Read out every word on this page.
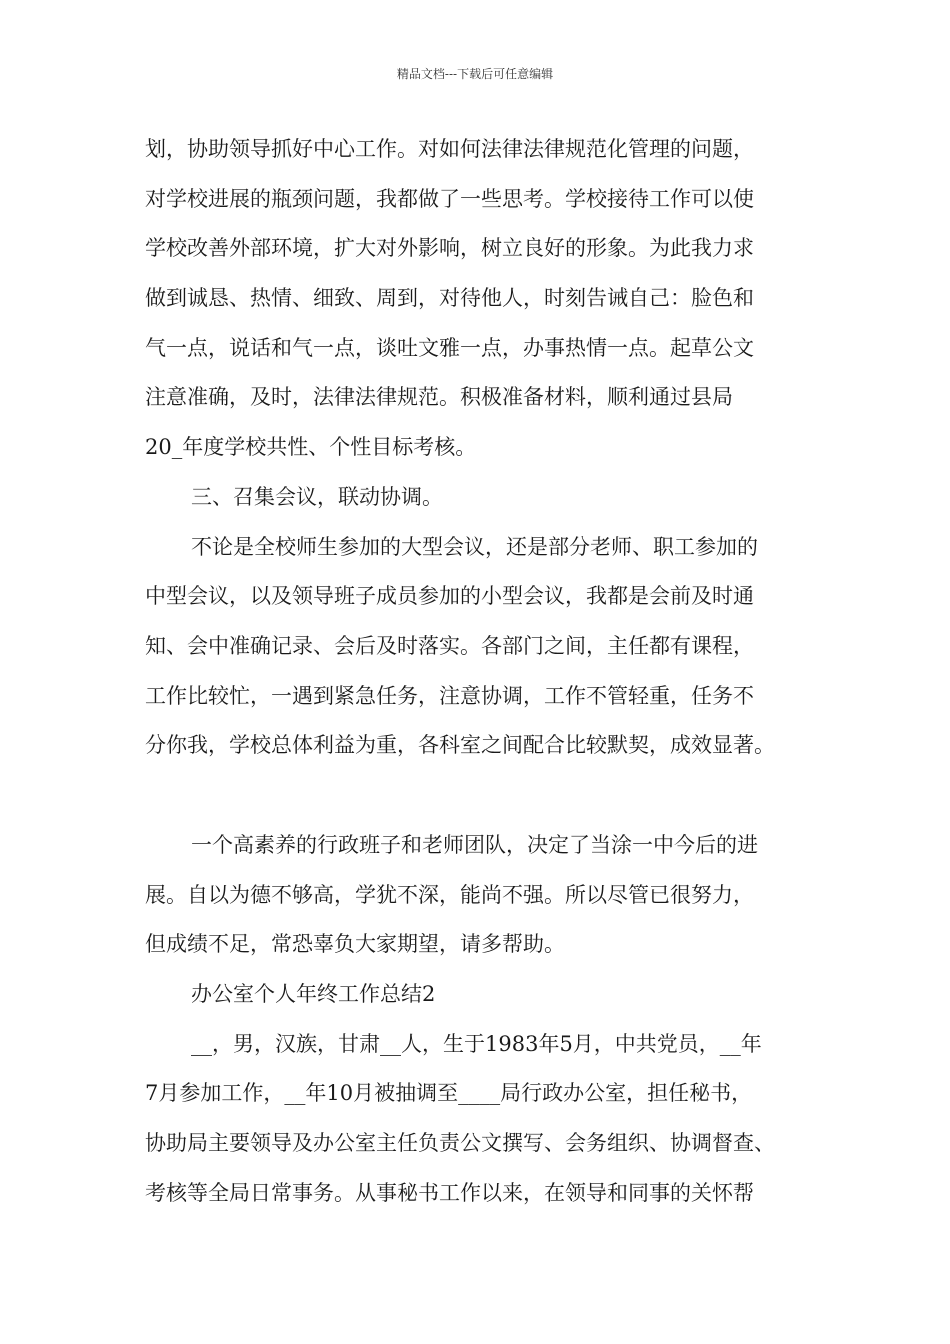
精品文档---下载后可任意编辑
划，协助领导抓好中心工作。对如何法律法律规范化管理的问题，
对学校进展的瓶颈问题，我都做了一些思考。学校接待工作可以使
学校改善外部环境，扩大对外影响，树立良好的形象。为此我力求
做到诚恳、热情、细致、周到，对待他人，时刻告诫自己：脸色和
气一点，说话和气一点，谈吐文雅一点，办事热情一点。起草公文
注意准确，及时，法律法律规范。积极准备材料，顺利通过县局
20_年度学校共性、个性目标考核。
三、召集会议，联动协调。
不论是全校师生参加的大型会议，还是部分老师、职工参加的
中型会议，以及领导班子成员参加的小型会议，我都是会前及时通
知、会中准确记录、会后及时落实。各部门之间，主任都有课程，
工作比较忙，一遇到紧急任务，注意协调，工作不管轻重，任务不
分你我，学校总体利益为重，各科室之间配合比较默契，成效显著。
一个高素养的行政班子和老师团队，决定了当涂一中今后的进
展。自以为德不够高，学犹不深，能尚不强。所以尽管已很努力，
但成绩不足，常恐辜负大家期望，请多帮助。
办公室个人年终工作总结2
__，男，汉族，甘肃__人，生于1983年5月，中共党员，__年
7月参加工作，__年10月被抽调至____局行政办公室，担任秘书，
协助局主要领导及办公室主任负责公文撰写、会务组织、协调督查、
考核等全局日常事务。从事秘书工作以来，在领导和同事的关怀帮
